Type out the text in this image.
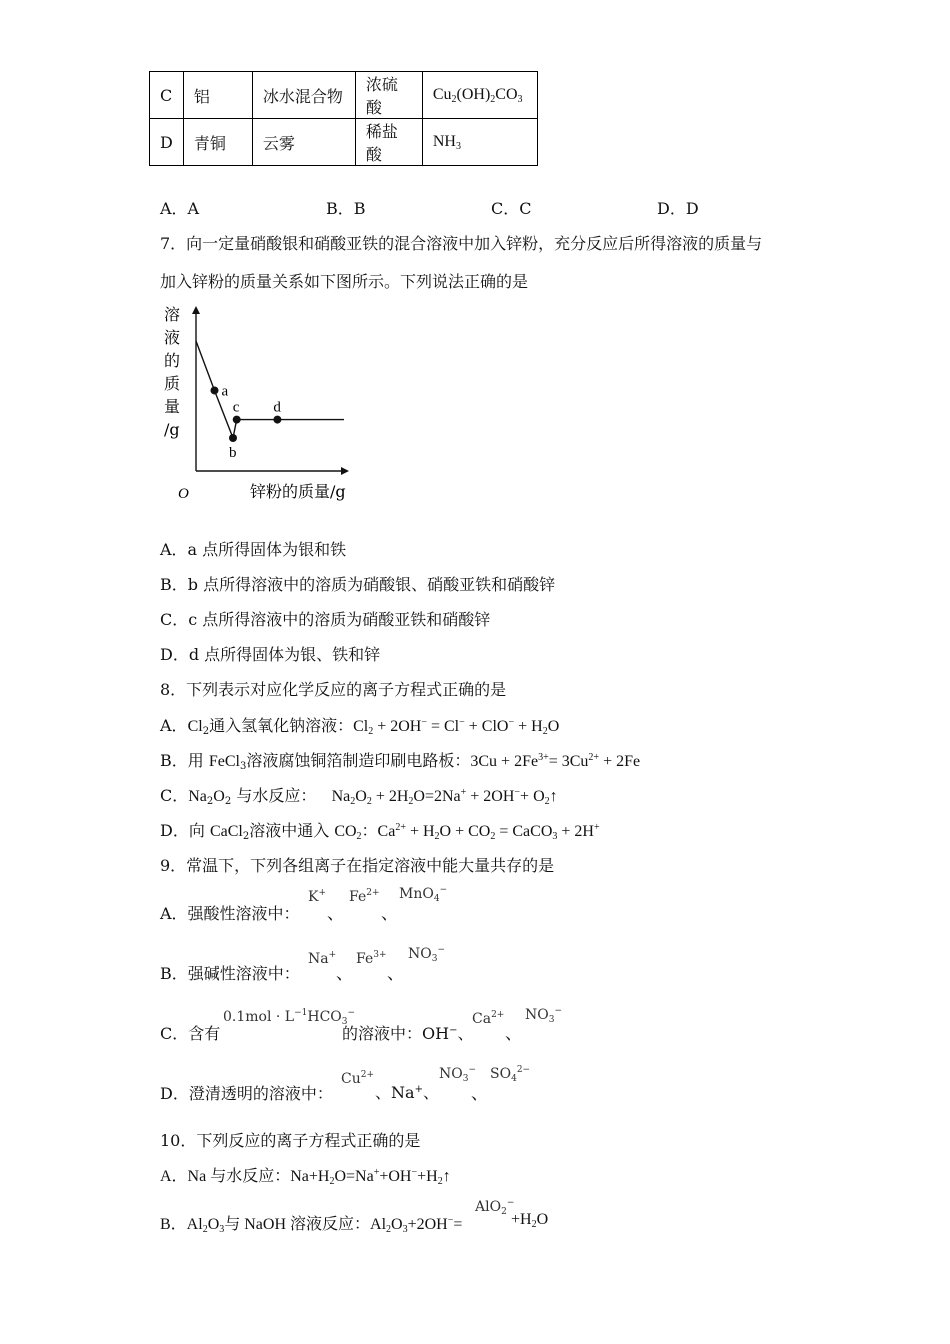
C	铝	冰水混合物	浓硫酸	$Cu_2(OH)_2CO_3$
D	青铜	云雾	稀盐酸	$NH_3$
A．A	B．B	C．C	D．D
7．向一定量硝酸银和硝酸亚铁的混合溶液中加入锌粉，充分反应后所得溶液的质量与
加入锌粉的质量关系如下图所示。下列说法正确的是
溶
液
的
质
量
/g
a
b
c d
O	锌粉的质量/g
A．a 点所得固体为银和铁
B．b 点所得溶液中的溶质为硝酸银、硝酸亚铁和硝酸锌
C．c 点所得溶液中的溶质为硝酸亚铁和硝酸锌
D．d 点所得固体为银、铁和锌
8．下列表示对应化学反应的离子方程式正确的是
A．$Cl_2$通入氢氧化钠溶液：$Cl_2 + 2OH^- = Cl^- + ClO^- + H_2O$
B．用 FeCl$_3$溶液腐蚀铜箔制造印刷电路板：$3Cu + 2Fe^{3+}= 3Cu^{2+} + 2Fe$
C．$Na_2O_2$ 与水反应： $Na_2O_2 + 2H_2O=2Na^+ + 2OH^-+$ $O_2↑$
D．向 CaCl$_2$溶液中通入 $CO_2$：$Ca^{2+} + H_2O + CO_2$ = CaCO$_3$ + 2H+
9．常温下，下列各组离子在指定溶液中能大量共存的是
A．强酸性溶液中：
K+
、
$Fe^{2+}$
、
MnO$_4$−
B．强碱性溶液中：
Na+
、
$Fe^{3+}$
、
$NO_3^-$
C．含有
$0.1mol \cdot L^{-1}HCO_3^-$
的溶液中：OH−、
$Ca^{2+}$
、
$NO_3^-$
D．澄清透明的溶液中：
$Cu^{2+}$
、Na+、
$NO_3^-$
、
$SO_4^{2-}$
10．下列反应的离子方程式正确的是
A．Na 与水反应：$Na+H_2O=Na^++OH^-+H_2↑$
B．$Al_2O_3$与 NaOH 溶液反应：$Al_2O_3+2OH^-=$
AlO$_2$−
$+H_2O$
